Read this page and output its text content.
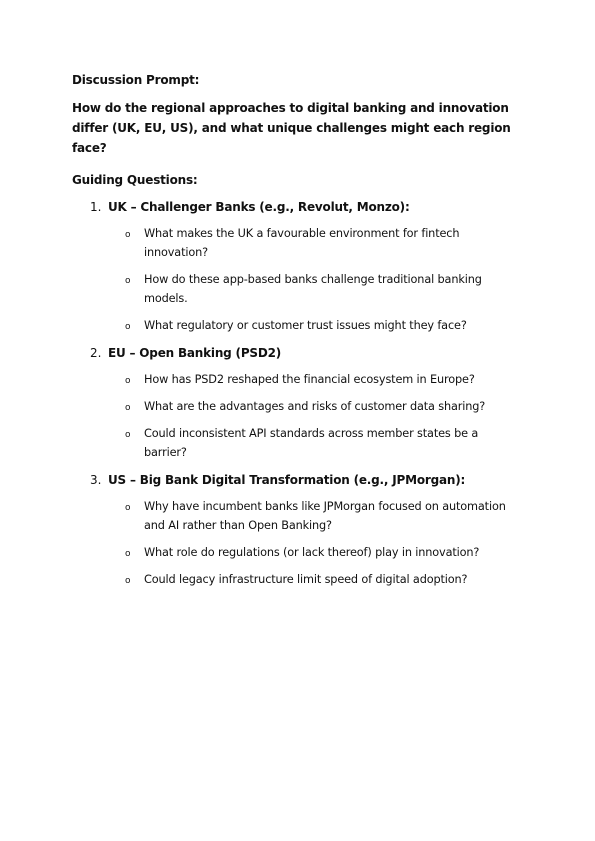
Discussion Prompt:
How do the regional approaches to digital banking and innovation differ (UK, EU, US), and what unique challenges might each region face?
Guiding Questions:
1. UK – Challenger Banks (e.g., Revolut, Monzo):
o What makes the UK a favourable environment for fintech innovation?
o How do these app-based banks challenge traditional banking models.
o What regulatory or customer trust issues might they face?
2. EU – Open Banking (PSD2)
o How has PSD2 reshaped the financial ecosystem in Europe?
o What are the advantages and risks of customer data sharing?
o Could inconsistent API standards across member states be a barrier?
3. US – Big Bank Digital Transformation (e.g., JPMorgan):
o Why have incumbent banks like JPMorgan focused on automation and AI rather than Open Banking?
o What role do regulations (or lack thereof) play in innovation?
o Could legacy infrastructure limit speed of digital adoption?
